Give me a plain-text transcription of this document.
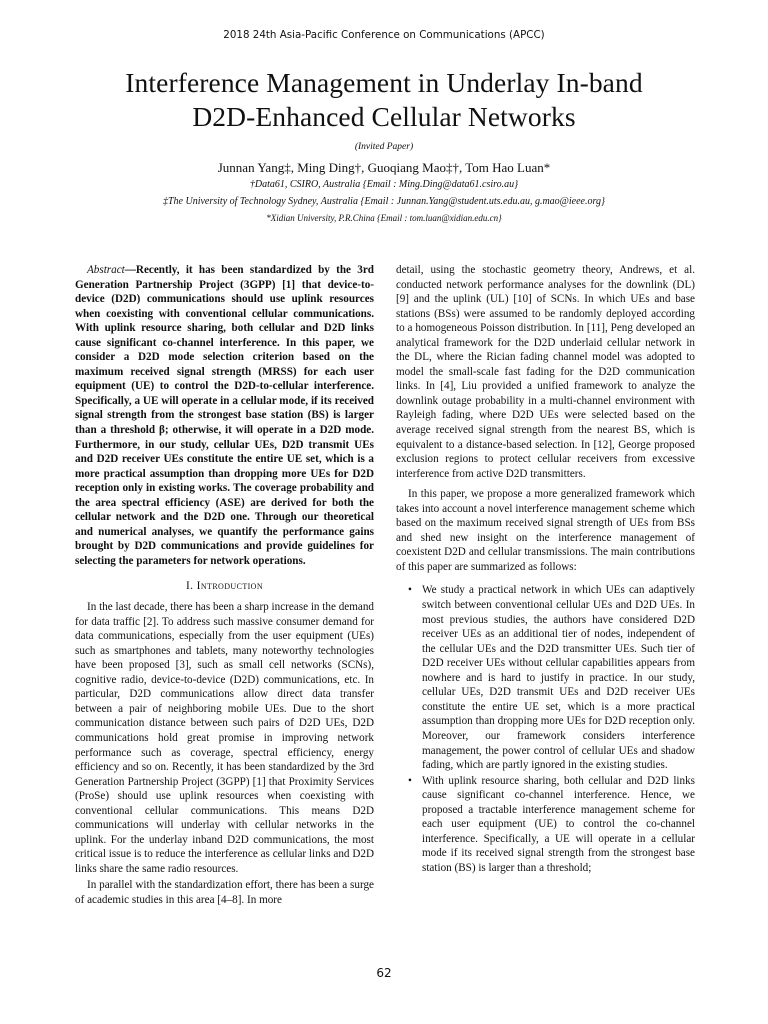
2018 24th Asia-Pacific Conference on Communications (APCC)
Interference Management in Underlay In-band
D2D-Enhanced Cellular Networks
(Invited Paper)
Junnan Yang‡, Ming Ding†, Guoqiang Mao‡†, Tom Hao Luan*
†Data61, CSIRO, Australia {Email : Ming.Ding@data61.csiro.au}
‡The University of Technology Sydney, Australia {Email : Junnan.Yang@student.uts.edu.au, g.mao@ieee.org}
*Xidian University, P.R.China {Email : tom.luan@xidian.edu.cn}

Abstract—Recently, it has been standardized by the 3rd Generation Partnership Project (3GPP) [1] that device-to-device (D2D) communications should use uplink resources when coexisting with conventional cellular communications. With uplink resource sharing, both cellular and D2D links cause significant co-channel interference. In this paper, we consider a D2D mode selection criterion based on the maximum received signal strength (MRSS) for each user equipment (UE) to control the D2D-to-cellular interference. Specifically, a UE will operate in a cellular mode, if its received signal strength from the strongest base station (BS) is larger than a threshold β; otherwise, it will operate in a D2D mode. Furthermore, in our study, cellular UEs, D2D transmit UEs and D2D receiver UEs constitute the entire UE set, which is a more practical assumption than dropping more UEs for D2D reception only in existing works. The coverage probability and the area spectral efficiency (ASE) are derived for both the cellular network and the D2D one. Through our theoretical and numerical analyses, we quantify the performance gains brought by D2D communications and provide guidelines for selecting the parameters for network operations.

I. Introduction

In the last decade, there has been a sharp increase in the demand for data traffic [2]. To address such massive consumer demand for data communications, especially from the user equipment (UEs) such as smartphones and tablets, many noteworthy technologies have been proposed [3], such as small cell networks (SCNs), cognitive radio, device-to-device (D2D) communications, etc. In particular, D2D communications allow direct data transfer between a pair of neighboring mobile UEs. Due to the short communication distance between such pairs of D2D UEs, D2D communications hold great promise in improving network performance such as coverage, spectral efficiency, energy efficiency and so on. Recently, it has been standardized by the 3rd Generation Partnership Project (3GPP) [1] that Proximity Services (ProSe) should use uplink resources when coexisting with conventional cellular communications. This means D2D communications will underlay with cellular networks in the uplink. For the underlay inband D2D communications, the most critical issue is to reduce the interference as cellular links and D2D links share the same radio resources.

In parallel with the standardization effort, there has been a surge of academic studies in this area [4–8]. In more

detail, using the stochastic geometry theory, Andrews, et al. conducted network performance analyses for the downlink (DL) [9] and the uplink (UL) [10] of SCNs. In which UEs and base stations (BSs) were assumed to be randomly deployed according to a homogeneous Poisson distribution. In [11], Peng developed an analytical framework for the D2D underlaid cellular network in the DL, where the Rician fading channel model was adopted to model the small-scale fast fading for the D2D communication links. In [4], Liu provided a unified framework to analyze the downlink outage probability in a multi-channel environment with Rayleigh fading, where D2D UEs were selected based on the average received signal strength from the nearest BS, which is equivalent to a distance-based selection. In [12], George proposed exclusion regions to protect cellular receivers from excessive interference from active D2D transmitters.

In this paper, we propose a more generalized framework which takes into account a novel interference management scheme which based on the maximum received signal strength of UEs from BSs and shed new insight on the interference management of coexistent D2D and cellular transmissions. The main contributions of this paper are summarized as follows:

• We study a practical network in which UEs can adaptively switch between conventional cellular UEs and D2D UEs. In most previous studies, the authors have considered D2D receiver UEs as an additional tier of nodes, independent of the cellular UEs and the D2D transmitter UEs. Such tier of D2D receiver UEs without cellular capabilities appears from nowhere and is hard to justify in practice. In our study, cellular UEs, D2D transmit UEs and D2D receiver UEs constitute the entire UE set, which is a more practical assumption than dropping more UEs for D2D reception only. Moreover, our framework considers interference management, the power control of cellular UEs and shadow fading, which are partly ignored in the existing studies.
• With uplink resource sharing, both cellular and D2D links cause significant co-channel interference. Hence, we proposed a tractable interference management scheme for each user equipment (UE) to control the co-channel interference. Specifically, a UE will operate in a cellular mode if its received signal strength from the strongest base station (BS) is larger than a threshold;
62
